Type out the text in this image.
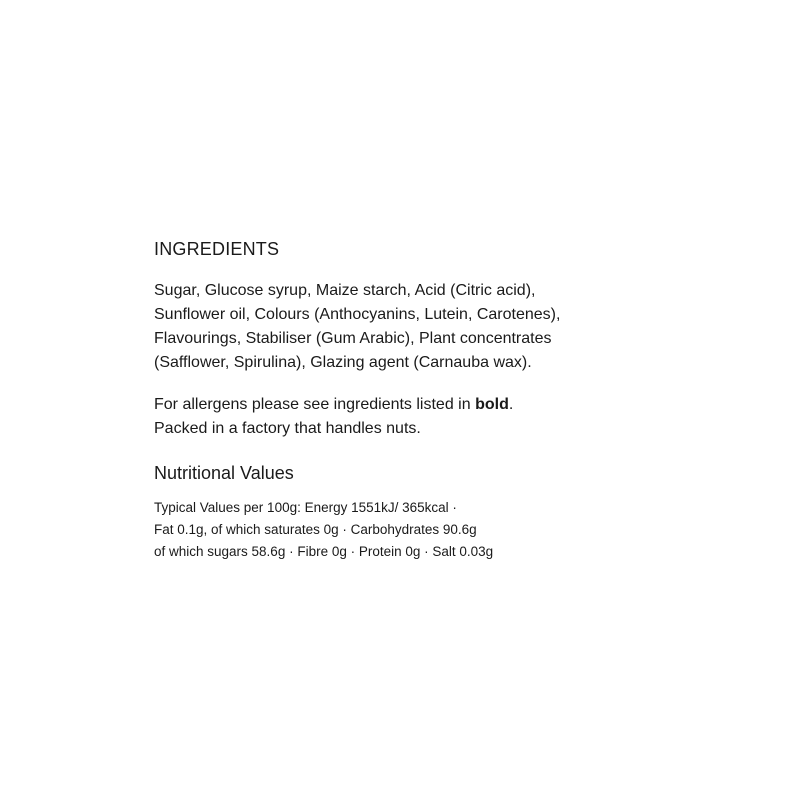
INGREDIENTS

Sugar, Glucose syrup, Maize starch, Acid (Citric acid),
Sunflower oil, Colours (Anthocyanins, Lutein, Carotenes),
Flavourings, Stabiliser (Gum Arabic), Plant concentrates
(Safflower, Spirulina), Glazing agent (Carnauba wax).

For allergens please see ingredients listed in bold.
Packed in a factory that handles nuts.

Nutritional Values

Typical Values per 100g: Energy 1551kJ/ 365kcal ·
Fat 0.1g, of which saturates 0g · Carbohydrates 90.6g
of which sugars 58.6g · Fibre 0g · Protein 0g · Salt 0.03g
